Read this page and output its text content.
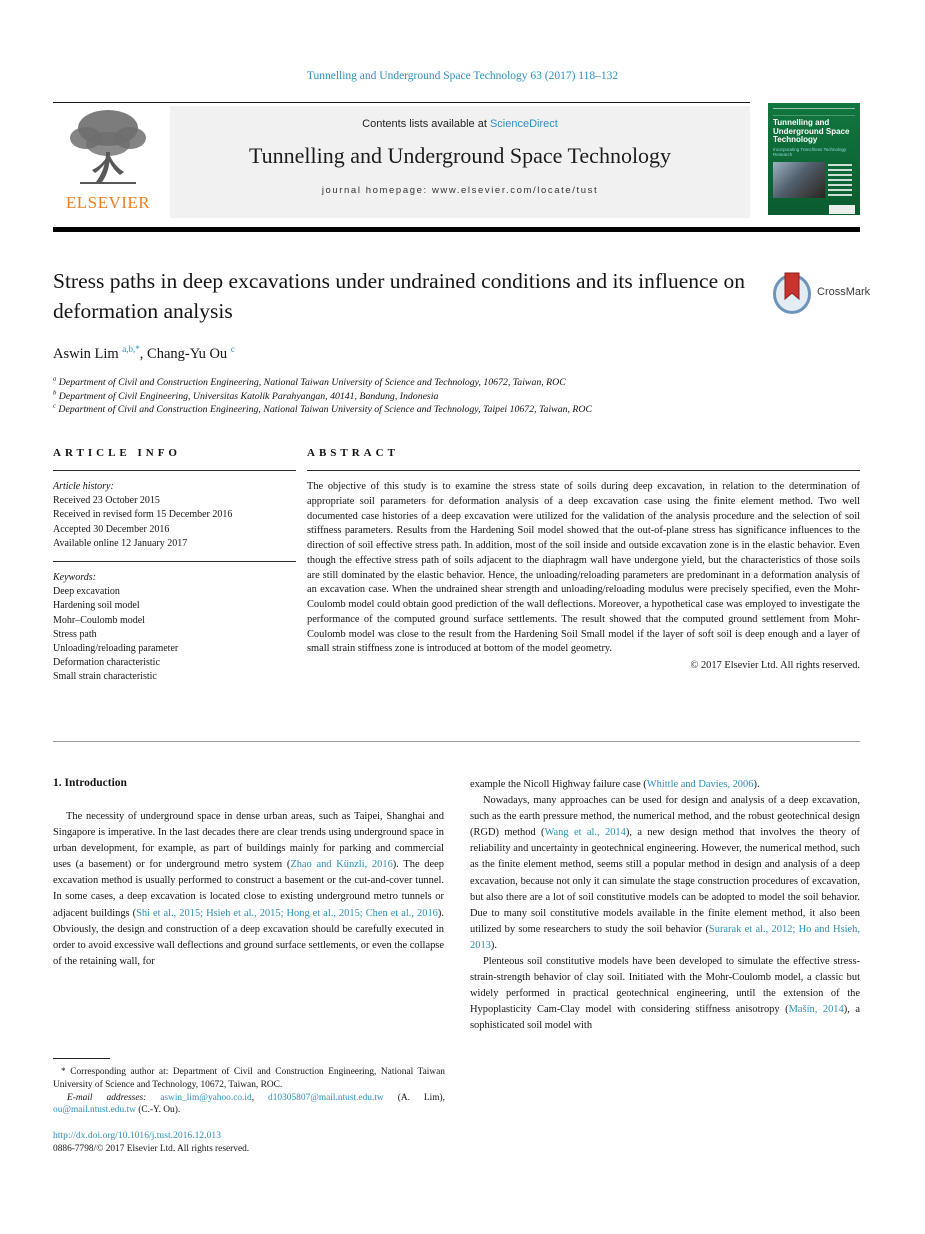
Tunnelling and Underground Space Technology 63 (2017) 118–132
ELSEVIER
Contents lists available at ScienceDirect
Tunnelling and Underground Space Technology
journal homepage: www.elsevier.com/locate/tust
Tunnelling and Underground Space Technology
Incorporating Trenchless Technology Research
Stress paths in deep excavations under undrained conditions and its influence on deformation analysis
CrossMark
Aswin Lim $^{a,b,*}$, Chang-Yu Ou $^c$
$^a$ Department of Civil and Construction Engineering, National Taiwan University of Science and Technology, 10672, Taiwan, ROC
$^b$ Department of Civil Engineering, Universitas Katolik Parahyangan, 40141, Bandung, Indonesia
$^c$ Department of Civil and Construction Engineering, National Taiwan University of Science and Technology, Taipei 10672, Taiwan, ROC
ARTICLE INFO
Article history:
Received 23 October 2015
Received in revised form 15 December 2016
Accepted 30 December 2016
Available online 12 January 2017
Keywords:
Deep excavation
Hardening soil model
Mohr–Coulomb model
Stress path
Unloading/reloading parameter
Deformation characteristic
Small strain characteristic
ABSTRACT
The objective of this study is to examine the stress state of soils during deep excavation, in relation to the determination of appropriate soil parameters for deformation analysis of a deep excavation case using the finite element method. Two well documented case histories of a deep excavation were utilized for the validation of the analysis procedure and the selection of soil stiffness parameters. Results from the Hardening Soil model showed that the out-of-plane stress has significance influences to the direction of soil effective stress path. In addition, most of the soil inside and outside excavation zone is in the elastic behavior. Even though the effective stress path of soils adjacent to the diaphragm wall have undergone yield, but the characteristics of those soils are still dominated by the elastic behavior. Hence, the unloading/reloading parameters are predominant in a deformation analysis of an excavation case. When the undrained shear strength and unloading/reloading modulus were precisely specified, even the Mohr-Coulomb model could obtain good prediction of the wall deflections. Moreover, a hypothetical case was employed to investigate the performance of the computed ground surface settlements. The result showed that the computed ground settlement from Mohr-Coulomb model was close to the result from the Hardening Soil Small model if the layer of soft soil is deep enough and a layer of small strain stiffness zone is introduced at bottom of the model geometry.
© 2017 Elsevier Ltd. All rights reserved.
1. Introduction

The necessity of underground space in dense urban areas, such as Taipei, Shanghai and Singapore is imperative. In the last decades there are clear trends using underground space in urban development, for example, as part of buildings mainly for parking and commercial uses (a basement) or for underground metro system (Zhao and Künzli, 2016). The deep excavation method is usually performed to construct a basement or the cut-and-cover tunnel. In some cases, a deep excavation is located close to existing underground metro tunnels or adjacent buildings (Shi et al., 2015; Hsieh et al., 2015; Hong et al., 2015; Chen et al., 2016). Obviously, the design and construction of a deep excavation should be carefully executed in order to avoid excessive wall deflections and ground surface settlements, or even the collapse of the retaining wall, for

example the Nicoll Highway failure case (Whittle and Davies, 2006).

Nowadays, many approaches can be used for design and analysis of a deep excavation, such as the earth pressure method, the numerical method, and the robust geotechnical design (RGD) method (Wang et al., 2014), a new design method that involves the theory of reliability and uncertainty in geotechnical engineering. However, the numerical method, such as the finite element method, seems still a popular method in design and analysis of a deep excavation, because not only it can simulate the stage construction procedures of excavation, but also there are a lot of soil constitutive models can be adopted to model the soil behavior. Due to many soil constitutive models available in the finite element method, it also been utilized by some researchers to study the soil behavior (Surarak et al., 2012; Ho and Hsieh, 2013).

Plenteous soil constitutive models have been developed to simulate the effective stress-strain-strength behavior of clay soil. Initiated with the Mohr-Coulomb model, a classic but widely performed in practical geotechnical engineering, until the extension of the Hypoplasticity Cam-Clay model with considering stiffness anisotropy (Mašín, 2014), a sophisticated soil model with

* Corresponding author at: Department of Civil and Construction Engineering, National Taiwan University of Science and Technology, 10672, Taiwan, ROC.
E-mail addresses: aswin_lim@yahoo.co.id, d10305807@mail.ntust.edu.tw (A. Lim), ou@mail.ntust.edu.tw (C.-Y. Ou).
http://dx.doi.org/10.1016/j.tust.2016.12.013
0886-7798/© 2017 Elsevier Ltd. All rights reserved.
